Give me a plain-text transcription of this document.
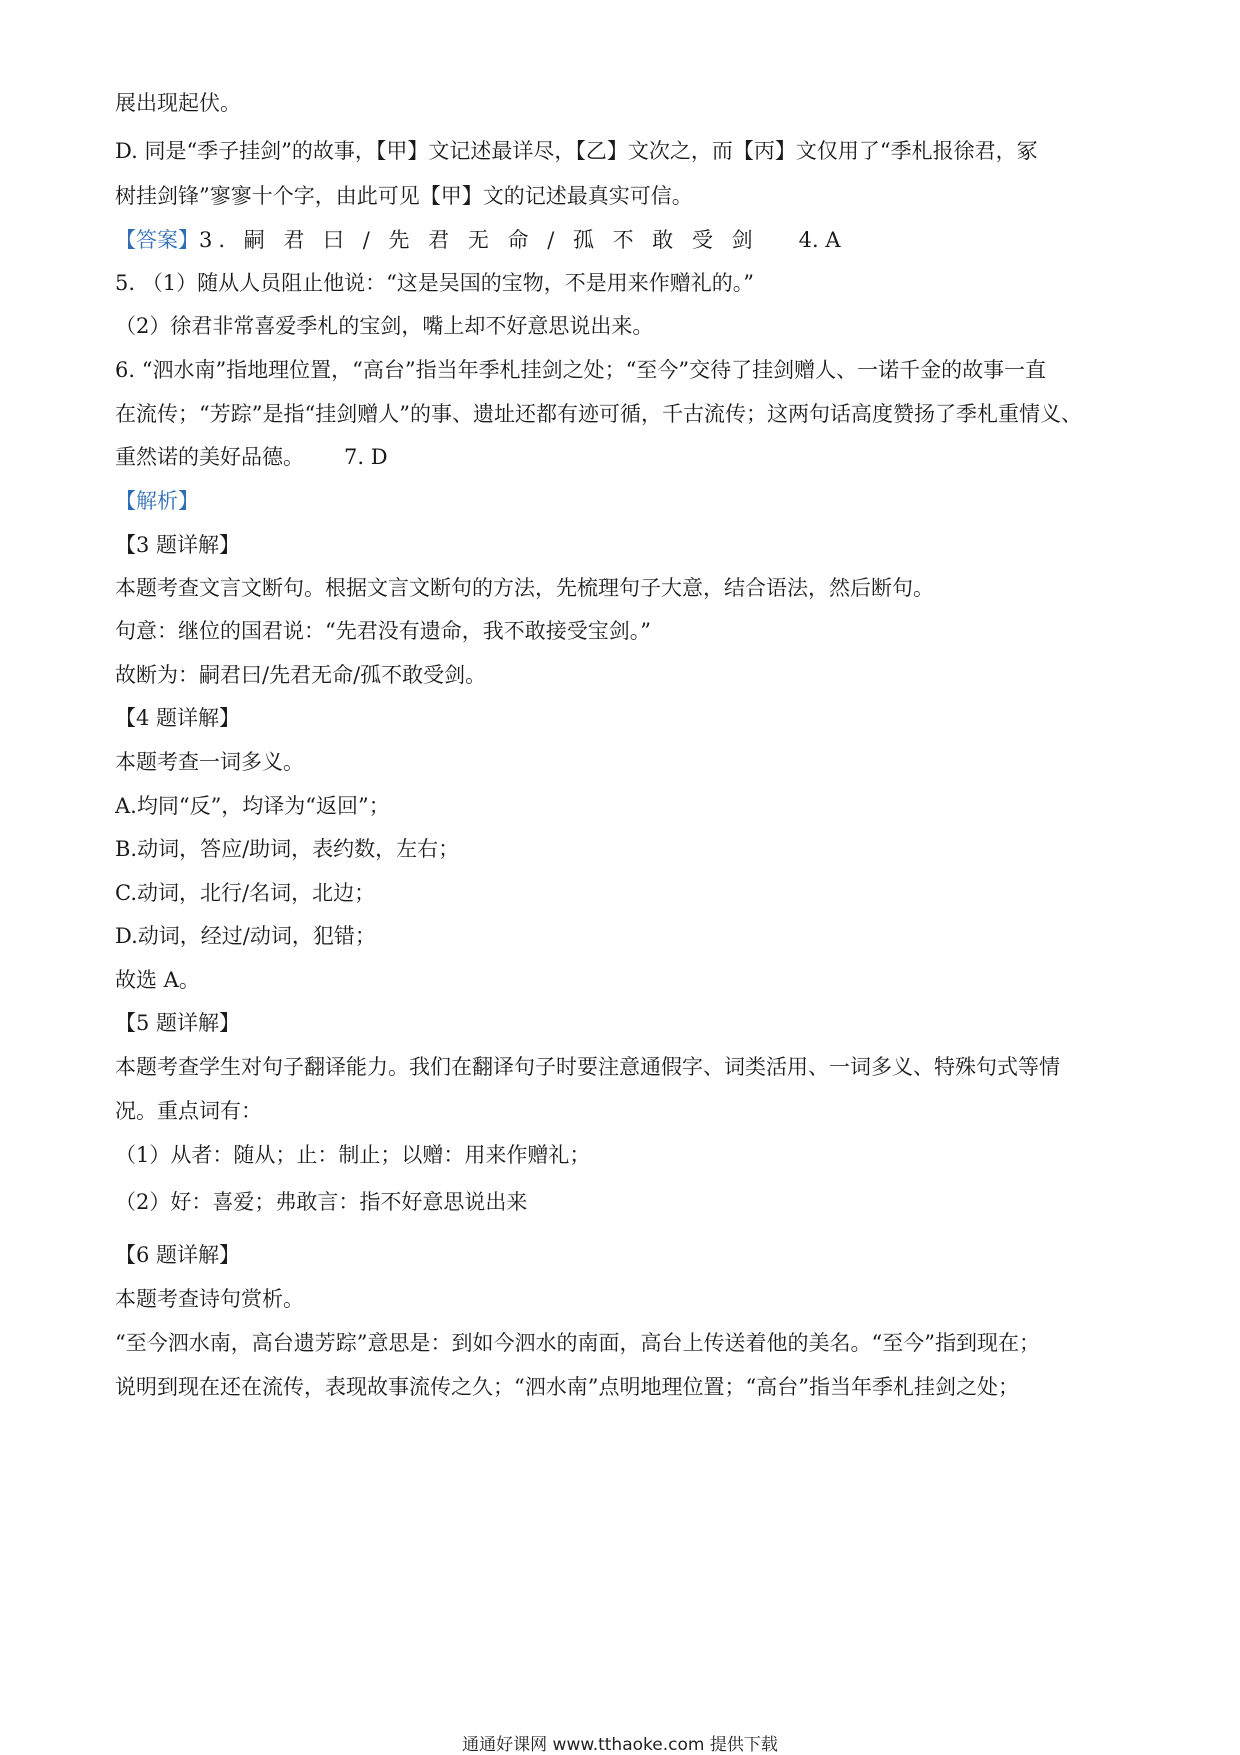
展出现起伏。
D. 同是“季子挂剑”的故事，【甲】文记述最详尽，【乙】文次之，而【丙】文仅用了“季札报徐君，冢
树挂剑锋”寥寥十个字，由此可见【甲】文的记述最真实可信。
【答案】3. 嗣 君 曰 / 先 君 无 命 / 孤 不 敢 受 剑 4. A
5. （1）随从人员阻止他说：“这是吴国的宝物，不是用来作赠礼的。”
（2）徐君非常喜爱季札的宝剑，嘴上却不好意思说出来。
6. “泗水南”指地理位置，“高台”指当年季札挂剑之处；“至今”交待了挂剑赠人、一诺千金的故事一直
在流传；“芳踪”是指“挂剑赠人”的事、遗址还都有迹可循，千古流传；这两句话高度赞扬了季札重情义、
重然诺的美好品德。 7. D
【解析】
【3 题详解】
本题考查文言文断句。根据文言文断句的方法，先梳理句子大意，结合语法，然后断句。
句意：继位的国君说：“先君没有遗命，我不敢接受宝剑。”
故断为：嗣君曰/先君无命/孤不敢受剑。
【4 题详解】
本题考查一词多义。
A.均同“反”，均译为“返回”；
B.动词，答应/助词，表约数，左右；
C.动词，北行/名词，北边；
D.动词，经过/动词，犯错；
故选 A。
【5 题详解】
本题考查学生对句子翻译能力。我们在翻译句子时要注意通假字、词类活用、一词多义、特殊句式等情
况。重点词有：
（1）从者：随从；止：制止；以赠：用来作赠礼；
（2）好：喜爱；弗敢言：指不好意思说出来
【6 题详解】
本题考查诗句赏析。
“至今泗水南，高台遗芳踪”意思是：到如今泗水的南面，高台上传送着他的美名。“至今”指到现在；
说明到现在还在流传，表现故事流传之久；“泗水南”点明地理位置；“高台”指当年季札挂剑之处；
通通好课网 www.tthaoke.com 提供下载
